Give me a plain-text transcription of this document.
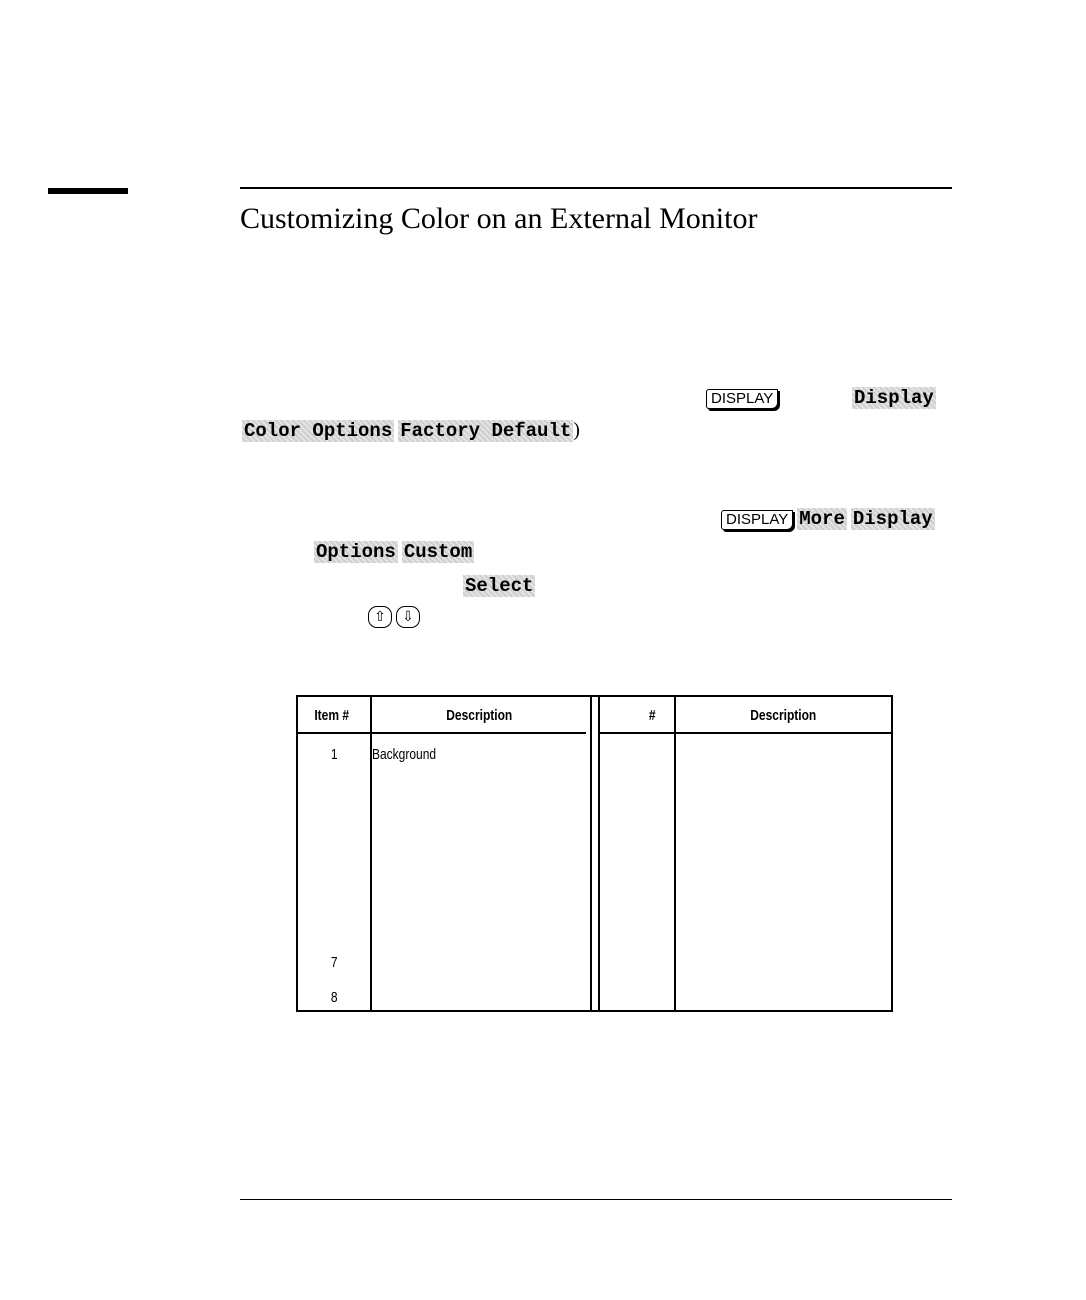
Customizing Color on an External Monitor
DISPLAY	Display
Color Options Factory Default )
DISPLAY More Display
Options Custom
Select
⇧ ⇩
Item #	Description	#	Description
1 Background
7
8
